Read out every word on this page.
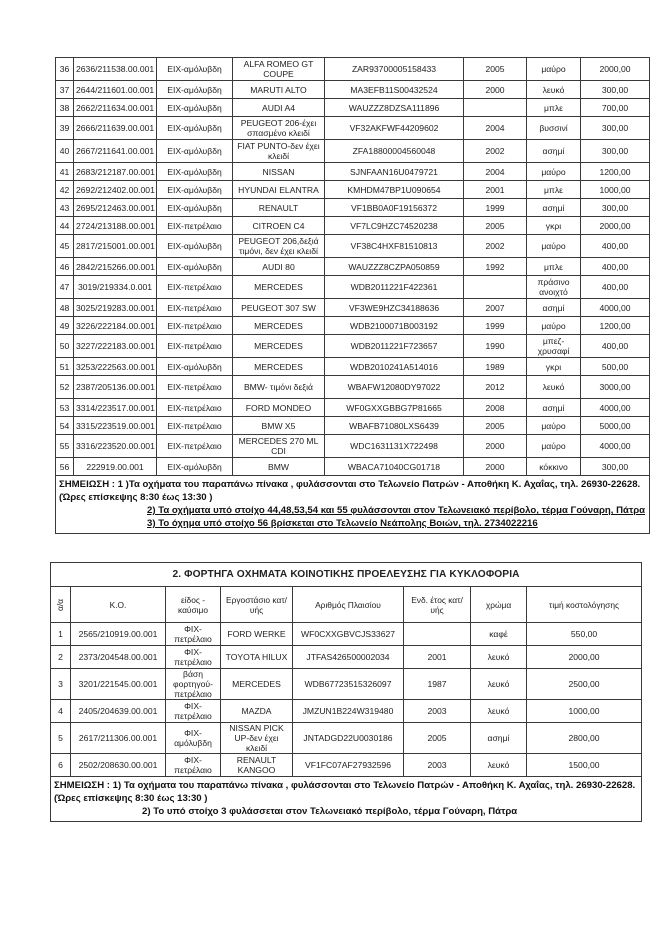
36	2636/211538.00.001	ΕΙΧ-αμόλυβδη	ALFA ROMEO GT COUPE	ZAR93700005158433	2005	μαύρο	2000,00
37	2644/211601.00.001	ΕΙΧ-αμόλυβδη	MARUTI ALTO	MA3EFB11S00432524	2000	λευκό	300,00
38	2662/211634.00.001	ΕΙΧ-αμόλυβδη	AUDI A4	WAUZZZ8DZSA111896		μπλε	700,00
39	2666/211639.00.001	ΕΙΧ-αμόλυβδη	PEUGEOT 206-έχει σπασμένο κλειδί	VF32AKFWF44209602	2004	βυσσινί	300,00
40	2667/211641.00.001	ΕΙΧ-αμόλυβδη	FIAT PUNTO-δεν έχει κλειδί	ZFA18800004560048	2002	ασημί	300,00
41	2683/212187.00.001	ΕΙΧ-αμόλυβδη	NISSAN	SJNFAAN16U0479721	2004	μαύρο	1200,00
42	2692/212402.00.001	ΕΙΧ-αμόλυβδη	HYUNDAI ELANTRA	KMHDM47BP1U090654	2001	μπλε	1000,00
43	2695/212463.00.001	ΕΙΧ-αμόλυβδη	RENAULT	VF1BB0A0F19156372	1999	ασημί	300,00
44	2724/213188.00.001	ΕΙΧ-πετρέλαιο	CITROEN C4	VF7LC9HZC74520238	2005	γκρι	2000,00
45	2817/215001.00.001	ΕΙΧ-αμόλυβδη	PEUGEOT 206,δεξιά τιμόνι, δεν έχει κλειδί	VF38C4HXF81510813	2002	μαύρο	400,00
46	2842/215266.00.001	ΕΙΧ-αμόλυβδη	AUDI 80	WAUZZZ8CZPA050859	1992	μπλε	400,00
47	3019/219334.0.001	ΕΙΧ-πετρέλαιο	MERCEDES	WDB2011221F422361		πράσινο ανοιχτό	400,00
48	3025/219283.00.001	ΕΙΧ-πετρέλαιο	PEUGEOT 307 SW	VF3WE9HZC34188636	2007	ασημί	4000,00
49	3226/222184.00.001	ΕΙΧ-πετρέλαιο	MERCEDES	WDB2100071B003192	1999	μαύρο	1200,00
50	3227/222183.00.001	ΕΙΧ-πετρέλαιο	MERCEDES	WDB2011221F723657	1990	μπεζ-χρυσαφί	400,00
51	3253/222563.00.001	ΕΙΧ-αμόλυβδη	MERCEDES	WDB2010241A514016	1989	γκρι	500,00
52	2387/205136.00.001	ΕΙΧ-πετρέλαιο	BMW- τιμόνι δεξιά	WBAFW12080DY97022	2012	λευκό	3000,00
53	3314/223517.00.001	ΕΙΧ-πετρέλαιο	FORD MONDEO	WF0GXXGBBG7P81665	2008	ασημί	4000,00
54	3315/223519.00.001	ΕΙΧ-πετρέλαιο	BMW X5	WBAFB71080LXS6439	2005	μαύρο	5000,00
55	3316/223520.00.001	ΕΙΧ-πετρέλαιο	MERCEDES 270 ML CDI	WDC1631131X722498	2000	μαύρο	4000,00
56	222919.00.001	ΕΙΧ-αμόλυβδη	BMW	WBACA71040CG01718	2000	κόκκινο	300,00

ΣΗΜΕΙΩΣΗ : 1 )Τα οχήματα του παραπάνω πίνακα , φυλάσσονται στο Τελωνείο Πατρών - Αποθήκη Κ. Αχαΐας, τηλ. 26930-22628. (Ώρες επίσκεψης 8:30 έως 13:30 )
2) Τα οχήματα υπό στοίχο 44,48,53,54 και 55 φυλάσσονται στον Τελωνειακό περίβολο, τέρμα Γούναρη, Πάτρα
3) Το όχημα υπό στοίχο 56 βρίσκεται στο Τελωνείο Νεάπολης Βοιών, τηλ. 2734022216							
2. ΦΟΡΤΗΓΑ ΟΧΗΜΑΤΑ ΚΟΙΝΟΤΙΚΗΣ ΠΡΟΕΛΕΥΣΗΣ ΓΙΑ ΚΥΚΛΟΦΟΡΙΑ							
α/α	Κ.Ο.	είδος - καύσιμο	Εργοστάσιο κατ/υής	Αριθμός Πλαισίου	Ενδ. έτος κατ/υής	χρώμα	τιμή κοστολόγησης
1	2565/210919.00.001	ΦΙΧ-πετρέλαιο	FORD WERKE	WF0CXXGBVCJS33627		καφέ	550,00
2	2373/204548.00.001	ΦΙΧ-πετρέλαιο	TOYOTA HILUX	JTFAS426500002034	2001	λευκό	2000,00
3	3201/221545.00.001	βάση φορτηγού-πετρέλαιο	MERCEDES	WDB67723515326097	1987	λευκό	2500,00
4	2405/204639.00.001	ΦΙΧ-πετρέλαιο	MAZDA	JMZUN1B224W319480	2003	λευκό	1000,00
5	2617/211306.00.001	ΦΙΧ-αμόλυβδη	NISSAN PICK UP-δεν έχει κλειδί	JNTADGD22U0030186	2005	ασημί	2800,00
6	2502/208630.00.001	ΦΙΧ-πετρέλαιο	RENAULT KANGOO	VF1FC07AF27932596	2003	λευκό	1500,00

ΣΗΜΕΙΩΣΗ : 1) Τα οχήματα του παραπάνω πίνακα , φυλάσσονται στο Τελωνείο Πατρών - Αποθήκη Κ. Αχαΐας, τηλ. 26930-22628. (Ώρες επίσκεψης 8:30 έως 13:30 )
2) Το υπό στοίχο 3 φυλάσσεται στον Τελωνειακό περίβολο, τέρμα Γούναρη, Πάτρα							
